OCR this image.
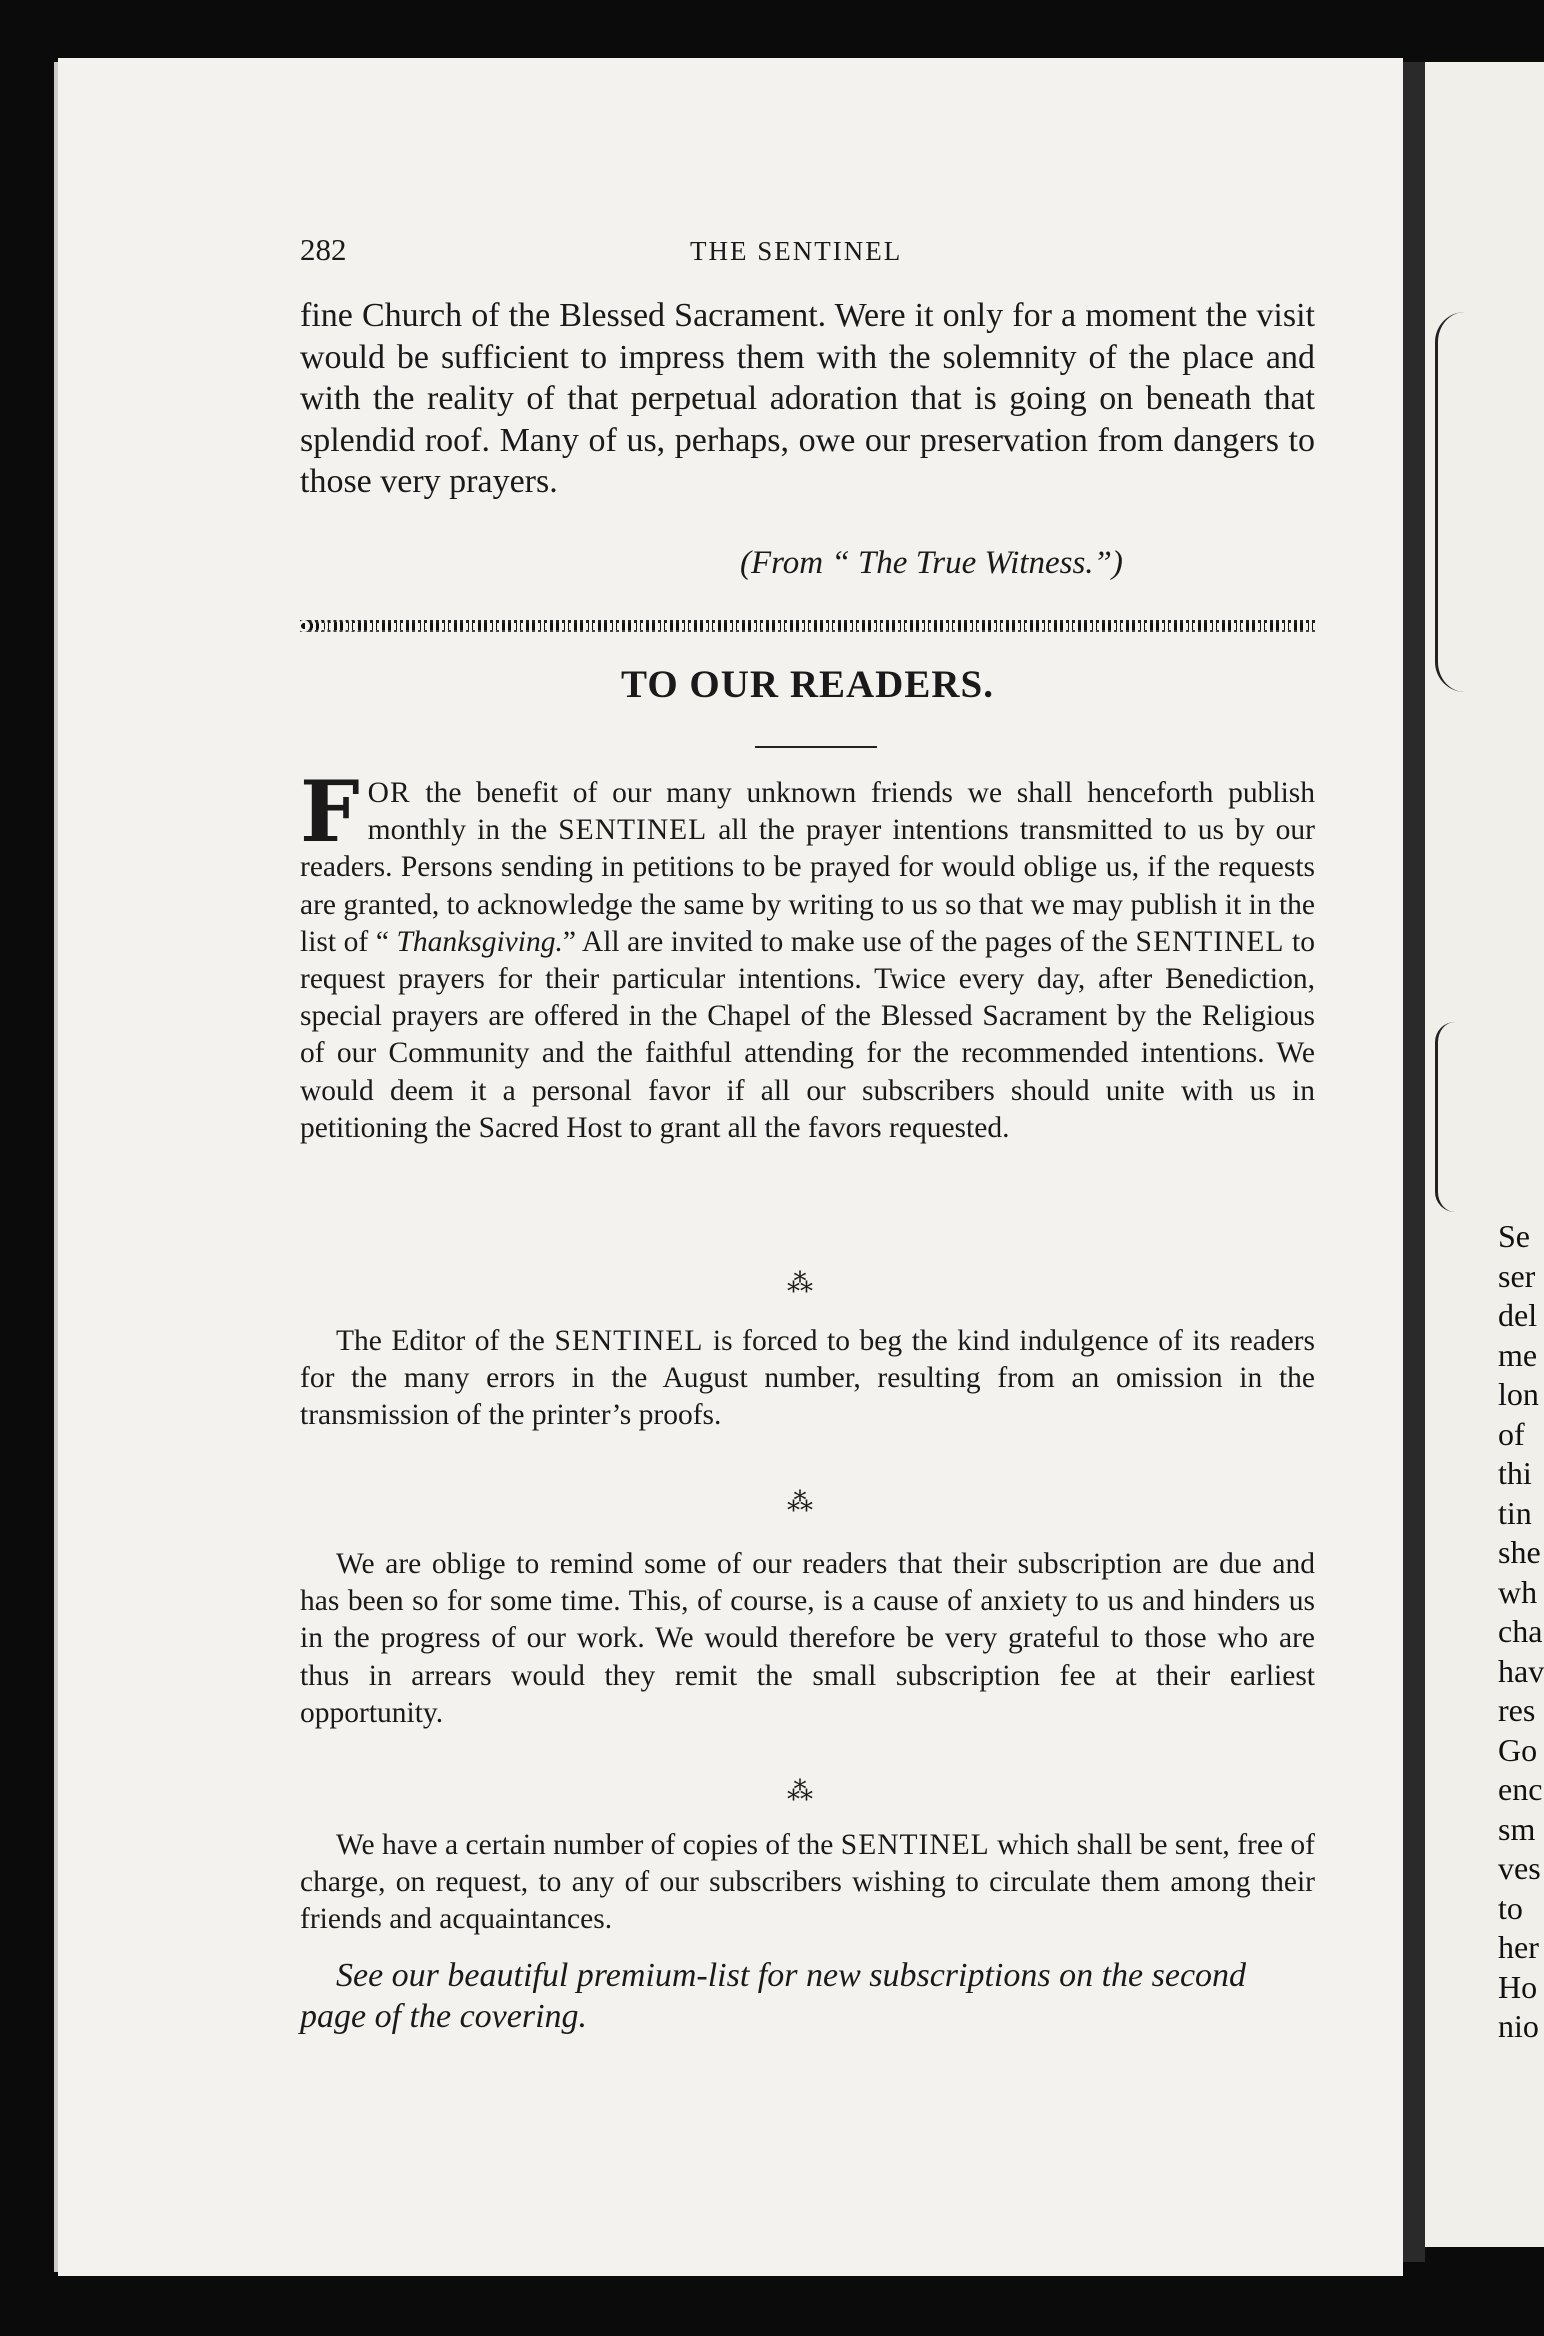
Se
ser
del
me
lon
of
thi
tin
she
wh
cha
hav
res
Go
enc
sm
ves
to
her
Ho
nio
282	THE SENTINEL
fine Church of the Blessed Sacrament. Were it only for a moment the visit would be sufficient to impress them with the solemnity of the place and with the reality of that perpetual adoration that is going on beneath that splendid roof. Many of us, perhaps, owe our preservation from dangers to those very prayers.
(From “ The True Witness.”)
TO OUR READERS.
FOR the benefit of our many unknown friends we shall henceforth publish monthly in the SENTINEL all the prayer intentions transmitted to us by our readers. Persons sending in petitions to be prayed for would oblige us, if the requests are granted, to acknowledge the same by writing to us so that we may publish it in the list of “ Thanksgiving.” All are invited to make use of the pages of the SENTINEL to request prayers for their particular intentions. Twice every day, after Benediction, special prayers are offered in the Chapel of the Blessed Sacrament by the Religious of our Community and the faithful attending for the recommended intentions. We would deem it a personal favor if all our subscribers should unite with us in petitioning the Sacred Host to grant all the favors requested.
⁂
The Editor of the SENTINEL is forced to beg the kind indulgence of its readers for the many errors in the August number, resulting from an omission in the transmission of the printer’s proofs.
⁂
We are oblige to remind some of our readers that their subscription are due and has been so for some time. This, of course, is a cause of anxiety to us and hinders us in the progress of our work. We would therefore be very grateful to those who are thus in arrears would they remit the small subscription fee at their earliest opportunity.
⁂
We have a certain number of copies of the SENTINEL which shall be sent, free of charge, on request, to any of our subscribers wishing to circulate them among their friends and acquaintances.
See our beautiful premium-list for new subscriptions on the second page of the covering.
